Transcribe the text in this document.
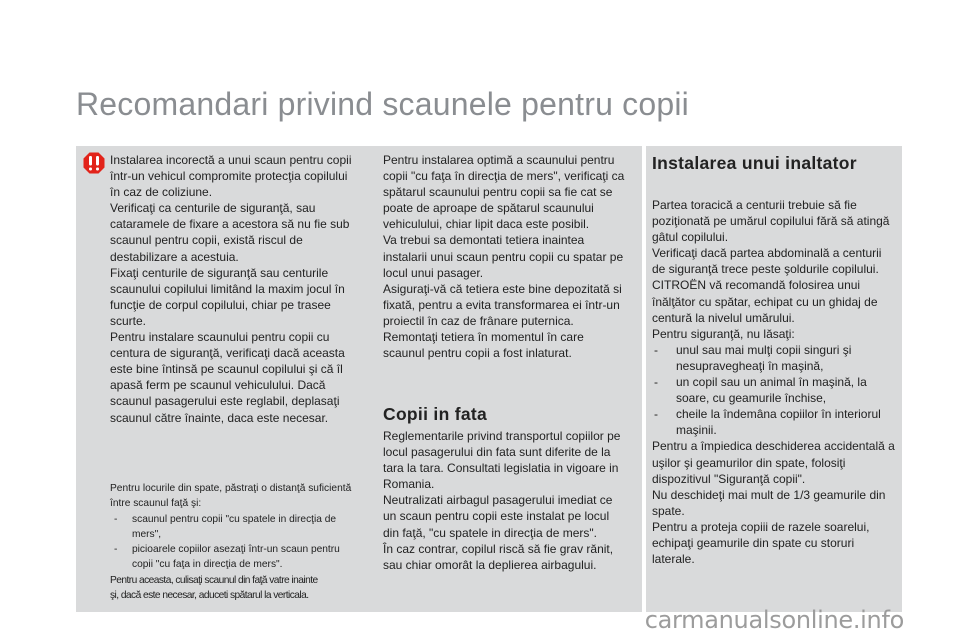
Recomandari privind scaunele pentru copii

Instalarea incorectă a unui scaun pentru copii într-un vehicul compromite protecţia copilului în caz de coliziune.

Verificaţi ca centurile de siguranţă, sau cataramele de fixare a acestora să nu fie sub scaunul pentru copii, există riscul de destabilizare a acestuia.

Fixaţi centurile de siguranţă sau centurile scaunului copilului limitând la maxim jocul în funcţie de corpul copilului, chiar pe trasee scurte.

Pentru instalare scaunului pentru copii cu centura de siguranţă, verificaţi dacă aceasta este bine întinsă pe scaunul copilului şi că îl apasă ferm pe scaunul vehiculului. Dacă scaunul pasagerului este reglabil, deplasaţi scaunul către înainte, daca este necesar.

Pentru locurile din spate, păstraţi o distanţă suficientă între scaunul faţă şi:

- scaunul pentru copii "cu spatele in direcţia de mers",

- picioarele copiilor asezaţi într-un scaun pentru copii "cu faţa in direcţia de mers".

Pentru aceasta, culisaţi scaunul din faţă vatre inainte

şi, dacă este necesar, aduceti spătarul la verticala.

Pentru instalarea optimă a scaunului pentru copii "cu faţa în direcţia de mers", verificaţi ca spătarul scaunului pentru copii sa fie cat se poate de aproape de spătarul scaunului vehiculului, chiar lipit daca este posibil.

Va trebui sa demontati tetiera inaintea instalarii unui scaun pentru copii cu spatar pe locul unui pasager.

Asiguraţi-vă că tetiera este bine depozitată si fixată, pentru a evita transformarea ei într-un proiectil în caz de frânare puternica.

Remontaţi tetiera în momentul în care scaunul pentru copii a fost inlaturat.

Copii in fata

Reglementarile privind transportul copiilor pe locul pasagerului din fata sunt diferite de la tara la tara. Consultati legislatia in vigoare in Romania.

Neutralizati airbagul pasagerului imediat ce un scaun pentru copii este instalat pe locul din faţă, "cu spatele in direcţia de mers".

În caz contrar, copilul riscă să fie grav rănit, sau chiar omorât la deplierea airbagului.

Instalarea unui inaltator

Partea toracică a centurii trebuie să fie poziţionată pe umărul copilului fără să atingă gâtul copilului.

Verificaţi dacă partea abdominală a centurii de siguranţă trece peste şoldurile copilului.

CITROËN vă recomandă folosirea unui înălţător cu spătar, echipat cu un ghidaj de centură la nivelul umărului.

Pentru siguranţă, nu lăsaţi:

- unul sau mai mulţi copii singuri şi nesupravegheaţi în maşină,

- un copil sau un animal în maşină, la soare, cu geamurile închise,

- cheile la îndemâna copiilor în interiorul maşinii.

Pentru a împiedica deschiderea accidentală a uşilor şi geamurilor din spate, folosiţi dispozitivul "Siguranţă copii".

Nu deschideţi mai mult de 1/3 geamurile din spate.

Pentru a proteja copiii de razele soarelui, echipaţi geamurile din spate cu storuri laterale.

carmanualsonline.info
